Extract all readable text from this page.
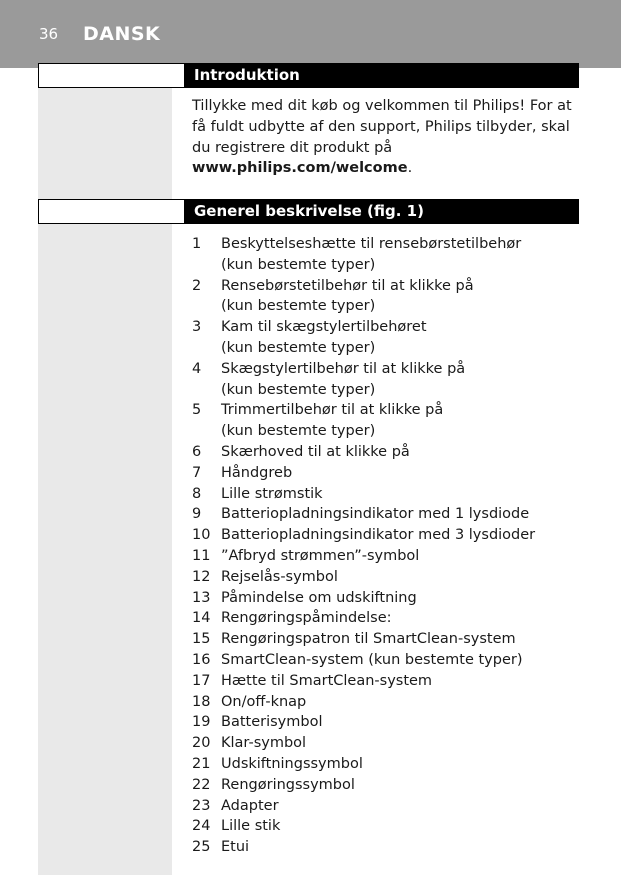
36 DANSK
Introduktion
Tillykke med dit køb og velkommen til Philips! For at få fuldt udbytte af den support, Philips tilbyder, skal du registrere dit produkt på www.philips.com/welcome.
Generel beskrivelse (fig. 1)
1	Beskyttelseshætte til rensebørstetilbehør
(kun bestemte typer)
2	Rensebørstetilbehør til at klikke på
(kun bestemte typer)
3	Kam til skægstylertilbehøret
(kun bestemte typer)
4	Skægstylertilbehør til at klikke på
(kun bestemte typer)
5	Trimmertilbehør til at klikke på
(kun bestemte typer)
6	Skærhoved til at klikke på
7	Håndgreb
8	Lille strømstik
9	Batteriopladningsindikator med 1 lysdiode
10 Batteriopladningsindikator med 3 lysdioder
11 ”Afbryd strømmen”-symbol
12 Rejselås-symbol
13 Påmindelse om udskiftning
14 Rengøringspåmindelse:
15 Rengøringspatron til SmartClean-system
16 SmartClean-system (kun bestemte typer)
17 Hætte til SmartClean-system
18 On/off-knap
19 Batterisymbol
20 Klar-symbol
21 Udskiftningssymbol
22 Rengøringssymbol
23 Adapter
24 Lille stik
25 Etui
